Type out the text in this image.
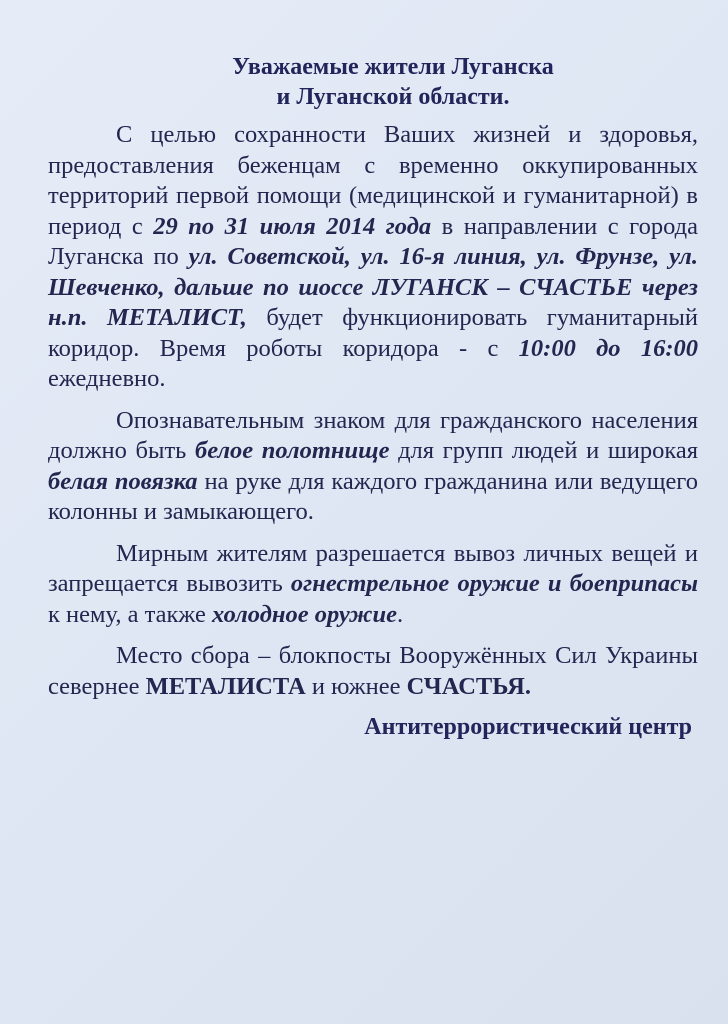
Уважаемые жители Луганска
и Луганской области.

С целью сохранности Ваших жизней и здоровья, предоставления беженцам с временно оккупированных территорий первой помощи (медицинской и гуманитарной) в период с 29 по 31 июля 2014 года в направлении с города Луганска по ул. Советской, ул. 16-я линия, ул. Фрунзе, ул. Шевченко, дальше по шоссе ЛУГАНСК – СЧАСТЬЕ через н.п. МЕТАЛИСТ, будет функционировать гуманитарный коридор. Время роботы коридора - с 10:00 до 16:00 ежедневно.

Опознавательным знаком для гражданского населения должно быть белое полотнище для групп людей и широкая белая повязка на руке для каждого гражданина или ведущего колонны и замыкающего.

Мирным жителям разрешается вывоз личных вещей и запрещается вывозить огнестрельное оружие и боеприпасы к нему, а также холодное оружие.

Место сбора – блокпосты Вооружённых Сил Украины севернее МЕТАЛИСТА и южнее СЧАСТЬЯ.

Антитеррористический центр
